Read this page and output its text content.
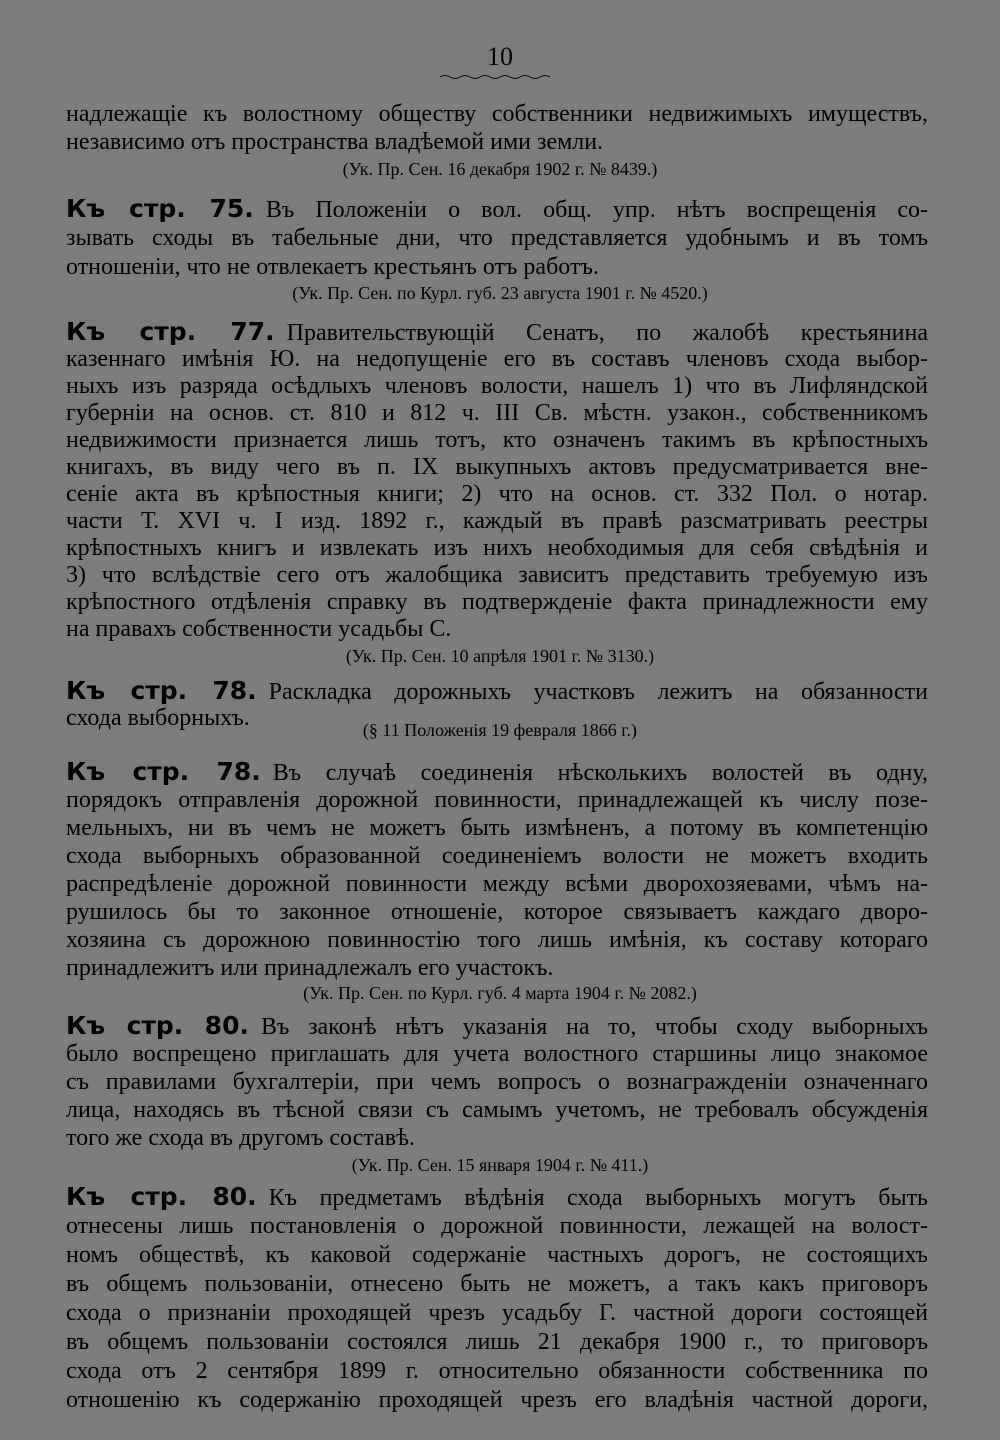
10
надлежащіе къ волостному обществу собственники недвижимыхъ имуществъ,
независимо отъ пространства владѣемой ими земли.
(Ук. Пр. Сен. 16 декабря 1902 г. № 8439.)
Къ стр. 75. Въ Положеніи о вол. общ. упр. нѣтъ воспрещенія со-
зывать сходы въ табельные дни, что представляется удобнымъ и въ томъ
отношеніи, что не отвлекаетъ крестьянъ отъ работъ.
(Ук. Пр. Сен. по Курл. губ. 23 августа 1901 г. № 4520.)
Къ стр. 77. Правительствующій Сенатъ, по жалобѣ крестьянина
казеннаго имѣнія Ю. на недопущеніе его въ составъ членовъ схода выбор-
ныхъ изъ разряда осѣдлыхъ членовъ волости, нашелъ 1) что въ Лифляндской
губерніи на основ. ст. 810 и 812 ч. III Св. мѣстн. узакон., собственникомъ
недвижимости признается лишь тотъ, кто означенъ такимъ въ крѣпостныхъ
книгахъ, въ виду чего въ п. IX выкупныхъ актовъ предусматривается вне-
сеніе акта въ крѣпостныя книги; 2) что на основ. ст. 332 Пол. о нотар.
части Т. XVI ч. I изд. 1892 г., каждый въ правѣ разсматривать реестры
крѣпостныхъ книгъ и извлекать изъ нихъ необходимыя для себя свѣдѣнія и
3) что вслѣдствіе сего отъ жалобщика зависитъ представить требуемую изъ
крѣпостного отдѣленія справку въ подтвержденіе факта принадлежности ему
на правахъ собственности усадьбы С.
(Ук. Пр. Сен. 10 апрѣля 1901 г. № 3130.)
Къ стр. 78. Раскладка дорожныхъ участковъ лежитъ на обязанности
схода выборныхъ.	(§ 11 Положенія 19 февраля 1866 г.)
Къ стр. 78. Въ случаѣ соединенія нѣсколькихъ волостей въ одну,
порядокъ отправленія дорожной повинности, принадлежащей къ числу позе-
мельныхъ, ни въ чемъ не можетъ быть измѣненъ, а потому въ компетенцію
схода выборныхъ образованной соединеніемъ волости не можетъ входить
распредѣленіе дорожной повинности между всѣми дворохозяевами, чѣмъ на-
рушилось бы то законное отношеніе, которое связываетъ каждаго дворо-
хозяина съ дорожною повинностію того лишь имѣнія, къ составу котораго
принадлежитъ или принадлежалъ его участокъ.
(Ук. Пр. Сен. по Курл. губ. 4 марта 1904 г. № 2082.)
Къ стр. 80. Въ законѣ нѣтъ указанія на то, чтобы сходу выборныхъ
было воспрещено приглашать для учета волостного старшины лицо знакомое
съ правилами бухгалтеріи, при чемъ вопросъ о вознагражденіи означеннаго
лица, находясь въ тѣсной связи съ самымъ учетомъ, не требовалъ обсужденія
того же схода въ другомъ составѣ.
(Ук. Пр. Сен. 15 января 1904 г. № 411.)
Къ стр. 80. Къ предметамъ вѣдѣнія схода выборныхъ могутъ быть
отнесены лишь постановленія о дорожной повинности, лежащей на волост-
номъ обществѣ, къ каковой содержаніе частныхъ дорогъ, не состоящихъ
въ общемъ пользованіи, отнесено быть не можетъ, а такъ какъ приговоръ
схода о признаніи проходящей чрезъ усадьбу Г. частной дороги состоящей
въ общемъ пользованіи состоялся лишь 21 декабря 1900 г., то приговоръ
схода отъ 2 сентября 1899 г. относительно обязанности собственника по
отношенію къ содержанію проходящей чрезъ его владѣнія частной дороги,
